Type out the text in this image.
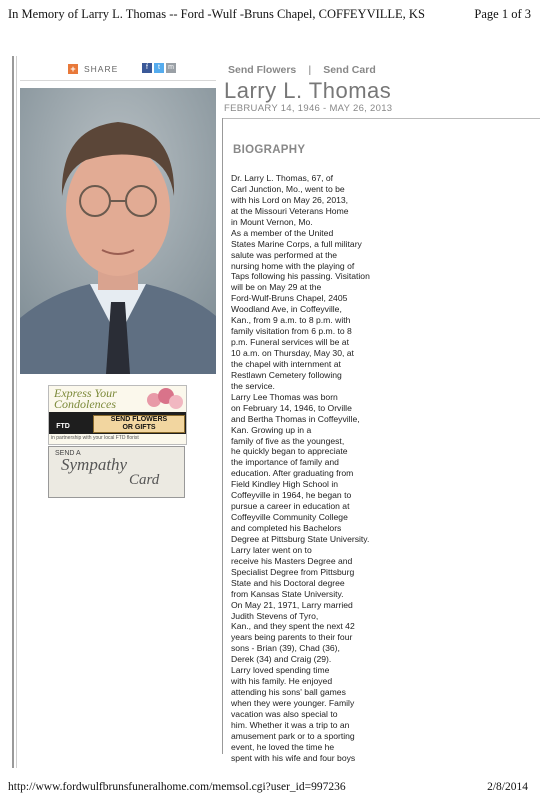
In Memory of Larry L. Thomas -- Ford -Wulf -Bruns Chapel, COFFEYVILLE, KS	Page 1 of 3
+ SHARE	f	t	m	Send Flowers | Send Card
Larry L. Thomas
FEBRUARY 14, 1946 - MAY 26, 2013
BIOGRAPHY
Dr. Larry L. Thomas, 67, of
Carl Junction, Mo., went to be
with his Lord on May 26, 2013,
at the Missouri Veterans Home
in Mount Vernon, Mo.
As a member of the United
States Marine Corps, a full military
salute was performed at the
nursing home with the playing of
Taps following his passing. Visitation
will be on May 29 at the
Ford-Wulf-Bruns Chapel, 2405
Woodland Ave, in Coffeyville,
Kan., from 9 a.m. to 8 p.m. with
family visitation from 6 p.m. to 8
p.m. Funeral services will be at
10 a.m. on Thursday, May 30, at
the chapel with internment at
Restlawn Cemetery following
the service.
Larry Lee Thomas was born
on February 14, 1946, to Orville
and Bertha Thomas in Coffeyville,
Kan. Growing up in a
family of five as the youngest,
he quickly began to appreciate
the importance of family and
education. After graduating from
Field Kindley High School in
Coffeyville in 1964, he began to
pursue a career in education at
Coffeyville Community College
and completed his Bachelors
Degree at Pittsburg State University.
Larry later went on to
receive his Masters Degree and
Specialist Degree from Pittsburg
State and his Doctoral degree
from Kansas State University.
On May 21, 1971, Larry married
Judith Stevens of Tyro,
Kan., and they spent the next 42
years being parents to their four
sons - Brian (39), Chad (36),
Derek (34) and Craig (29).
Larry loved spending time
with his family. He enjoyed
attending his sons' ball games
when they were younger. Family
vacation was also special to
him. Whether it was a trip to an
amusement park or to a sporting
event, he loved the time he
spent with his wife and four boys
Express Your
Condolences
FTD
SEND FLOWERS
OR GIFTS
in partnership with your local FTD florist
SEND A
Sympathy
Card
http://www.fordwulfbrunsfuneralhome.com/memsol.cgi?user_id=997236	2/8/2014
